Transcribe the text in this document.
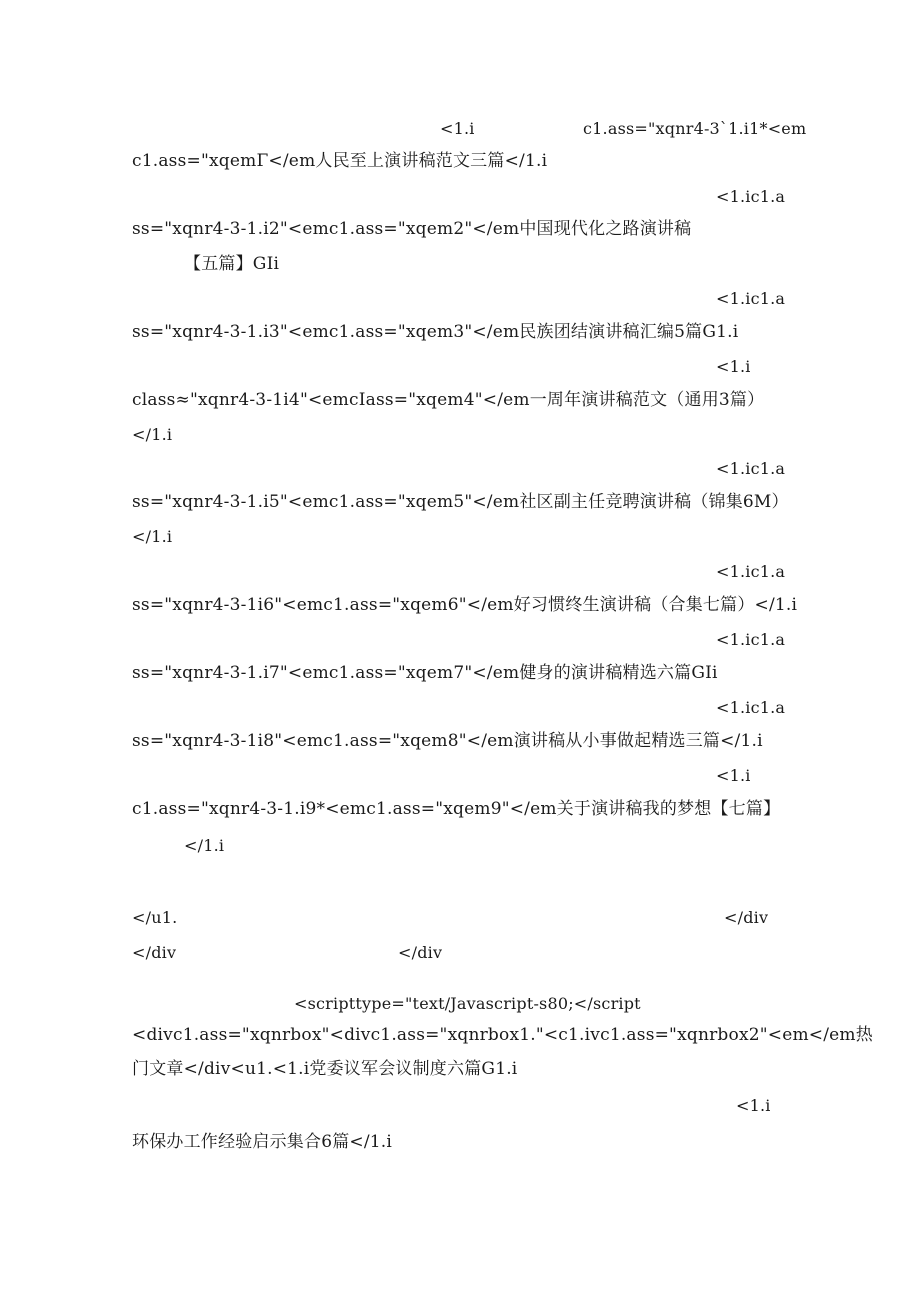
<1.i	c1.ass="xqnr4-3`1.i1*<em
c1.ass="xqemΓ</em人民至上演讲稿范文三篇</1.i
<1.ic1.a
ss="xqnr4-3-1.i2"<emc1.ass="xqem2"</em中国现代化之路演讲稿
【五篇】GIi
<1.ic1.a
ss="xqnr4-3-1.i3"<emc1.ass="xqem3"</em民族团结演讲稿汇编5篇G1.i
<1.i
class≈"xqnr4-3-1i4"<emcIass="xqem4"</em一周年演讲稿范文（通用3篇）
</1.i
<1.ic1.a
ss="xqnr4-3-1.i5"<emc1.ass="xqem5"</em社区副主任竞聘演讲稿（锦集6M）
</1.i
<1.ic1.a
ss="xqnr4-3-1i6"<emc1.ass="xqem6"</em好习惯终生演讲稿（合集七篇）</1.i
<1.ic1.a
ss="xqnr4-3-1.i7"<emc1.ass="xqem7"</em健身的演讲稿精选六篇GIi
<1.ic1.a
ss="xqnr4-3-1i8"<emc1.ass="xqem8"</em演讲稿从小事做起精选三篇</1.i
<1.i
c1.ass="xqnr4-3-1.i9*<emc1.ass="xqem9"</em关于演讲稿我的梦想【七篇】
</1.i
</u1.	</div
</div	</div
<scripttype="text/Javascript-s80;</script
<divc1.ass="xqnrbox"<divc1.ass="xqnrbox1."<c1.ivc1.ass="xqnrbox2"<em</em热
门文章</div<u1.<1.i党委议军会议制度六篇G1.i
<1.i
环保办工作经验启示集合6篇</1.i
